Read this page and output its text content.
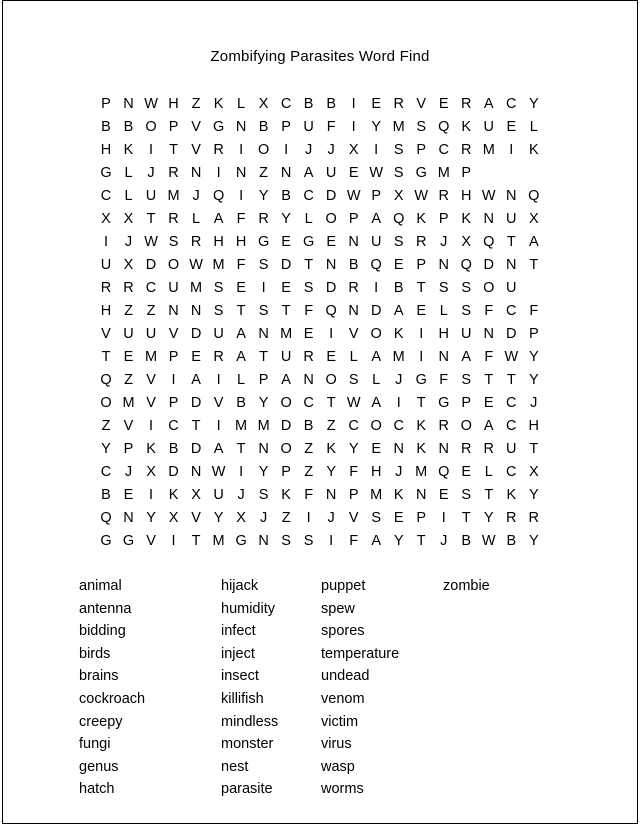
Zombifying Parasites Word Find
P N W H Z K L X C B B	I	E R V E R A C Y
B B O P V G N B P U F	I	Y M S Q K U E L
H K	I	T V R	I	O	I	J J X	I	S P C R M I	K
G L J R N	I	N Z N A U E W S G M P
C L U M J Q	I	Y B C D W P X W R H W N Q
X X T R L A F R Y L O P A Q K P K N U X
I	J W S R H H G E G E N U S R J X Q T A
U X D O W M F S D T N B Q E P N Q D N T
R R C U M S E	I	E S D R	I	B T S S O U
H Z Z N N S T S T F Q N D A E L S F C F
V U U V D U A N M E	I	V O K	I	H U N D P
T E M P E R A T U R E L A M I	N A F W Y
Q Z V	I	A	I	L P A N O S L J G F S T T Y
O M V P D V B Y O C T W A	I	T G P E C J
Z V	I	C T	I M M D B Z C O C K R O A C H
Y P K B D A T N O Z K Y E N K N R R U T
C J X D N W I	Y P Z Y F H J M Q E L C X
B E	I	K X U J S K F N P M K N E S T K Y
Q N Y X V Y X J Z	I	J V S E P	I	T Y R R
G G V	I	T M G N S S	I	F A Y T J B W B Y
animal
antenna
bidding
birds
brains
cockroach
creepy
fungi
genus
hatch
hijack
humidity
infect
inject
insect
killifish
mindless
monster
nest
parasite
puppet
spew
spores
temperature
undead
venom
victim
virus
wasp
worms
zombie
